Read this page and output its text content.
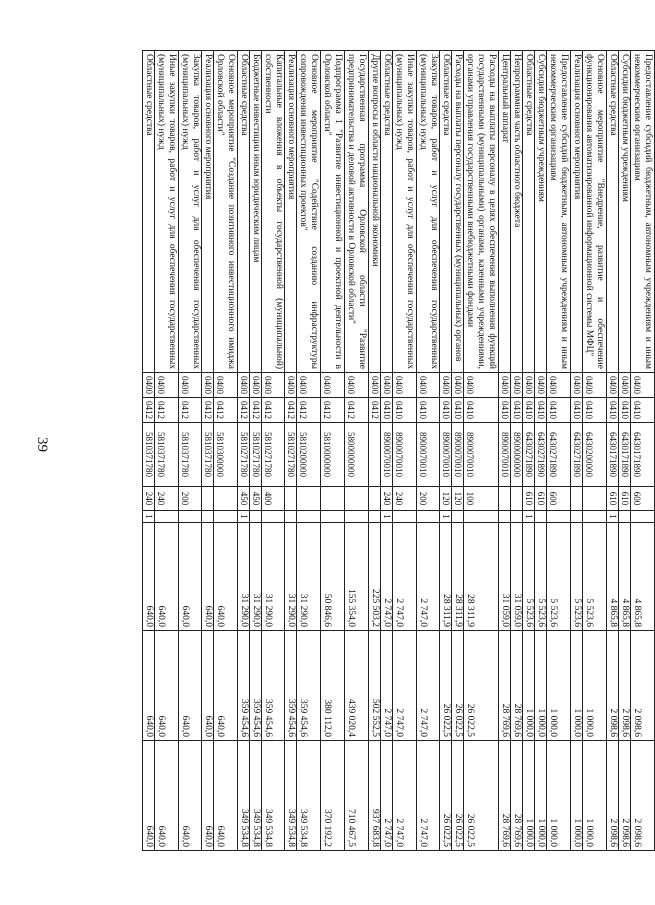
39
Предоставление субсидий бюджетным, автономным учреждениям и иным некоммерческим организациям	0400	0410	6430171890	600		4 865,8	2 098,6	2 098,6
Субсидии бюджетным учреждениям	0400	0410	6430171890	610		4 865,8	2 098,6	2 098,6
Областные средства	0400	0410	6430171890	610	1	4 865,8	2 098,6	2 098,6
Основное мероприятие "Внедрение, развитие и обеспечение функционирования автоматизированной информационной системы МФЦ"	0400	0410	6430200000			5 523,6	1 000,0	1 000,0
Реализация основного мероприятия	0400	0410	6430271890			5 523,6	1 000,0	1 000,0
Предоставление субсидий бюджетным, автономным учреждениям и иным некоммерческим организациям	0400	0410	6430271890	600		5 523,6	1 000,0	1 000,0
Субсидии бюджетным учреждениям	0400	0410	6430271890	610		5 523,6	1 000,0	1 000,0
Областные средства	0400	0410	6430271890	610	1	5 523,6	1 000,0	1 000,0
Непрограммная часть областного бюджета	0400	0410	8900000000			31 059,0	28 769,6	28 769,6
Центральный аппарат	0400	0410	8900070010			31 059,0	28 769,6	28 769,6
Расходы на выплаты персоналу в целях обеспечения выполнения функций государственными (муниципальными) органами, казенными учреждениями, органами управления государственными внебюджетными фондами	0400	0410	8900070010	100		28 311,9	26 022,5	26 022,5
Расходы на выплаты персоналу государственных (муниципальных) органов	0400	0410	8900070010	120		28 311,9	26 022,5	26 022,5
Областные средства	0400	0410	8900070010	120	1	28 311,9	26 022,5	26 022,5
Закупка товаров, работ и услуг для обеспечения государственных (муниципальных) нужд	0400	0410	8900070010	200		2 747,0	2 747,0	2 747,0
Иные закупки товаров, работ и услуг для обеспечения государственных (муниципальных) нужд	0400	0410	8900070010	240		2 747,0	2 747,0	2 747,0
Областные средства	0400	0410	8900070010	240	1	2 747,0	2 747,0	2 747,0
Другие вопросы в области национальной экономики	0400	0412				225 503,2	502 552,5	937 683,8
Государственная программа Орловской области "Развитие предпринимательства и деловой активности в Орловской области"	0400	0412	5800000000			155 354,0	439 020,4	710 467,5
Подпрограмма 1 "Развитие инвестиционной и проектной деятельности в Орловской области"	0400	0412	5810000000			50 846,6	380 112,0	370 192,2
Основное мероприятие "Содействие созданию инфраструктуры сопровождения инвестиционных проектов"	0400	0412	5810200000			31 290,0	359 454,6	349 534,8
Реализация основного мероприятия	0400	0412	5810271780			31 290,0	359 454,6	349 534,8
Капитальные вложения в объекты государственной (муниципальной) собственности	0400	0412	5810271780	400		31 290,0	359 454,6	349 534,8
Бюджетные инвестиции иным юридическим лицам	0400	0412	5810271780	450		31 290,0	359 454,6	349 534,8
Областные средства	0400	0412	5810271780	450	1	31 290,0	359 454,6	349 534,8
Основное мероприятие "Создание позитивного инвестиционного имиджа Орловской области"	0400	0412	5810300000			640,0	640,0	640,0
Реализация основного мероприятия	0400	0412	5810371780			640,0	640,0	640,0
Закупка товаров, работ и услуг для обеспечения государственных (муниципальных) нужд	0400	0412	5810371780	200		640,0	640,0	640,0
Иные закупки товаров, работ и услуг для обеспечения государственных (муниципальных) нужд	0400	0412	5810371780	240		640,0	640,0	640,0
Областные средства	0400	0412	5810371780	240	1	640,0	640,0	640,0
